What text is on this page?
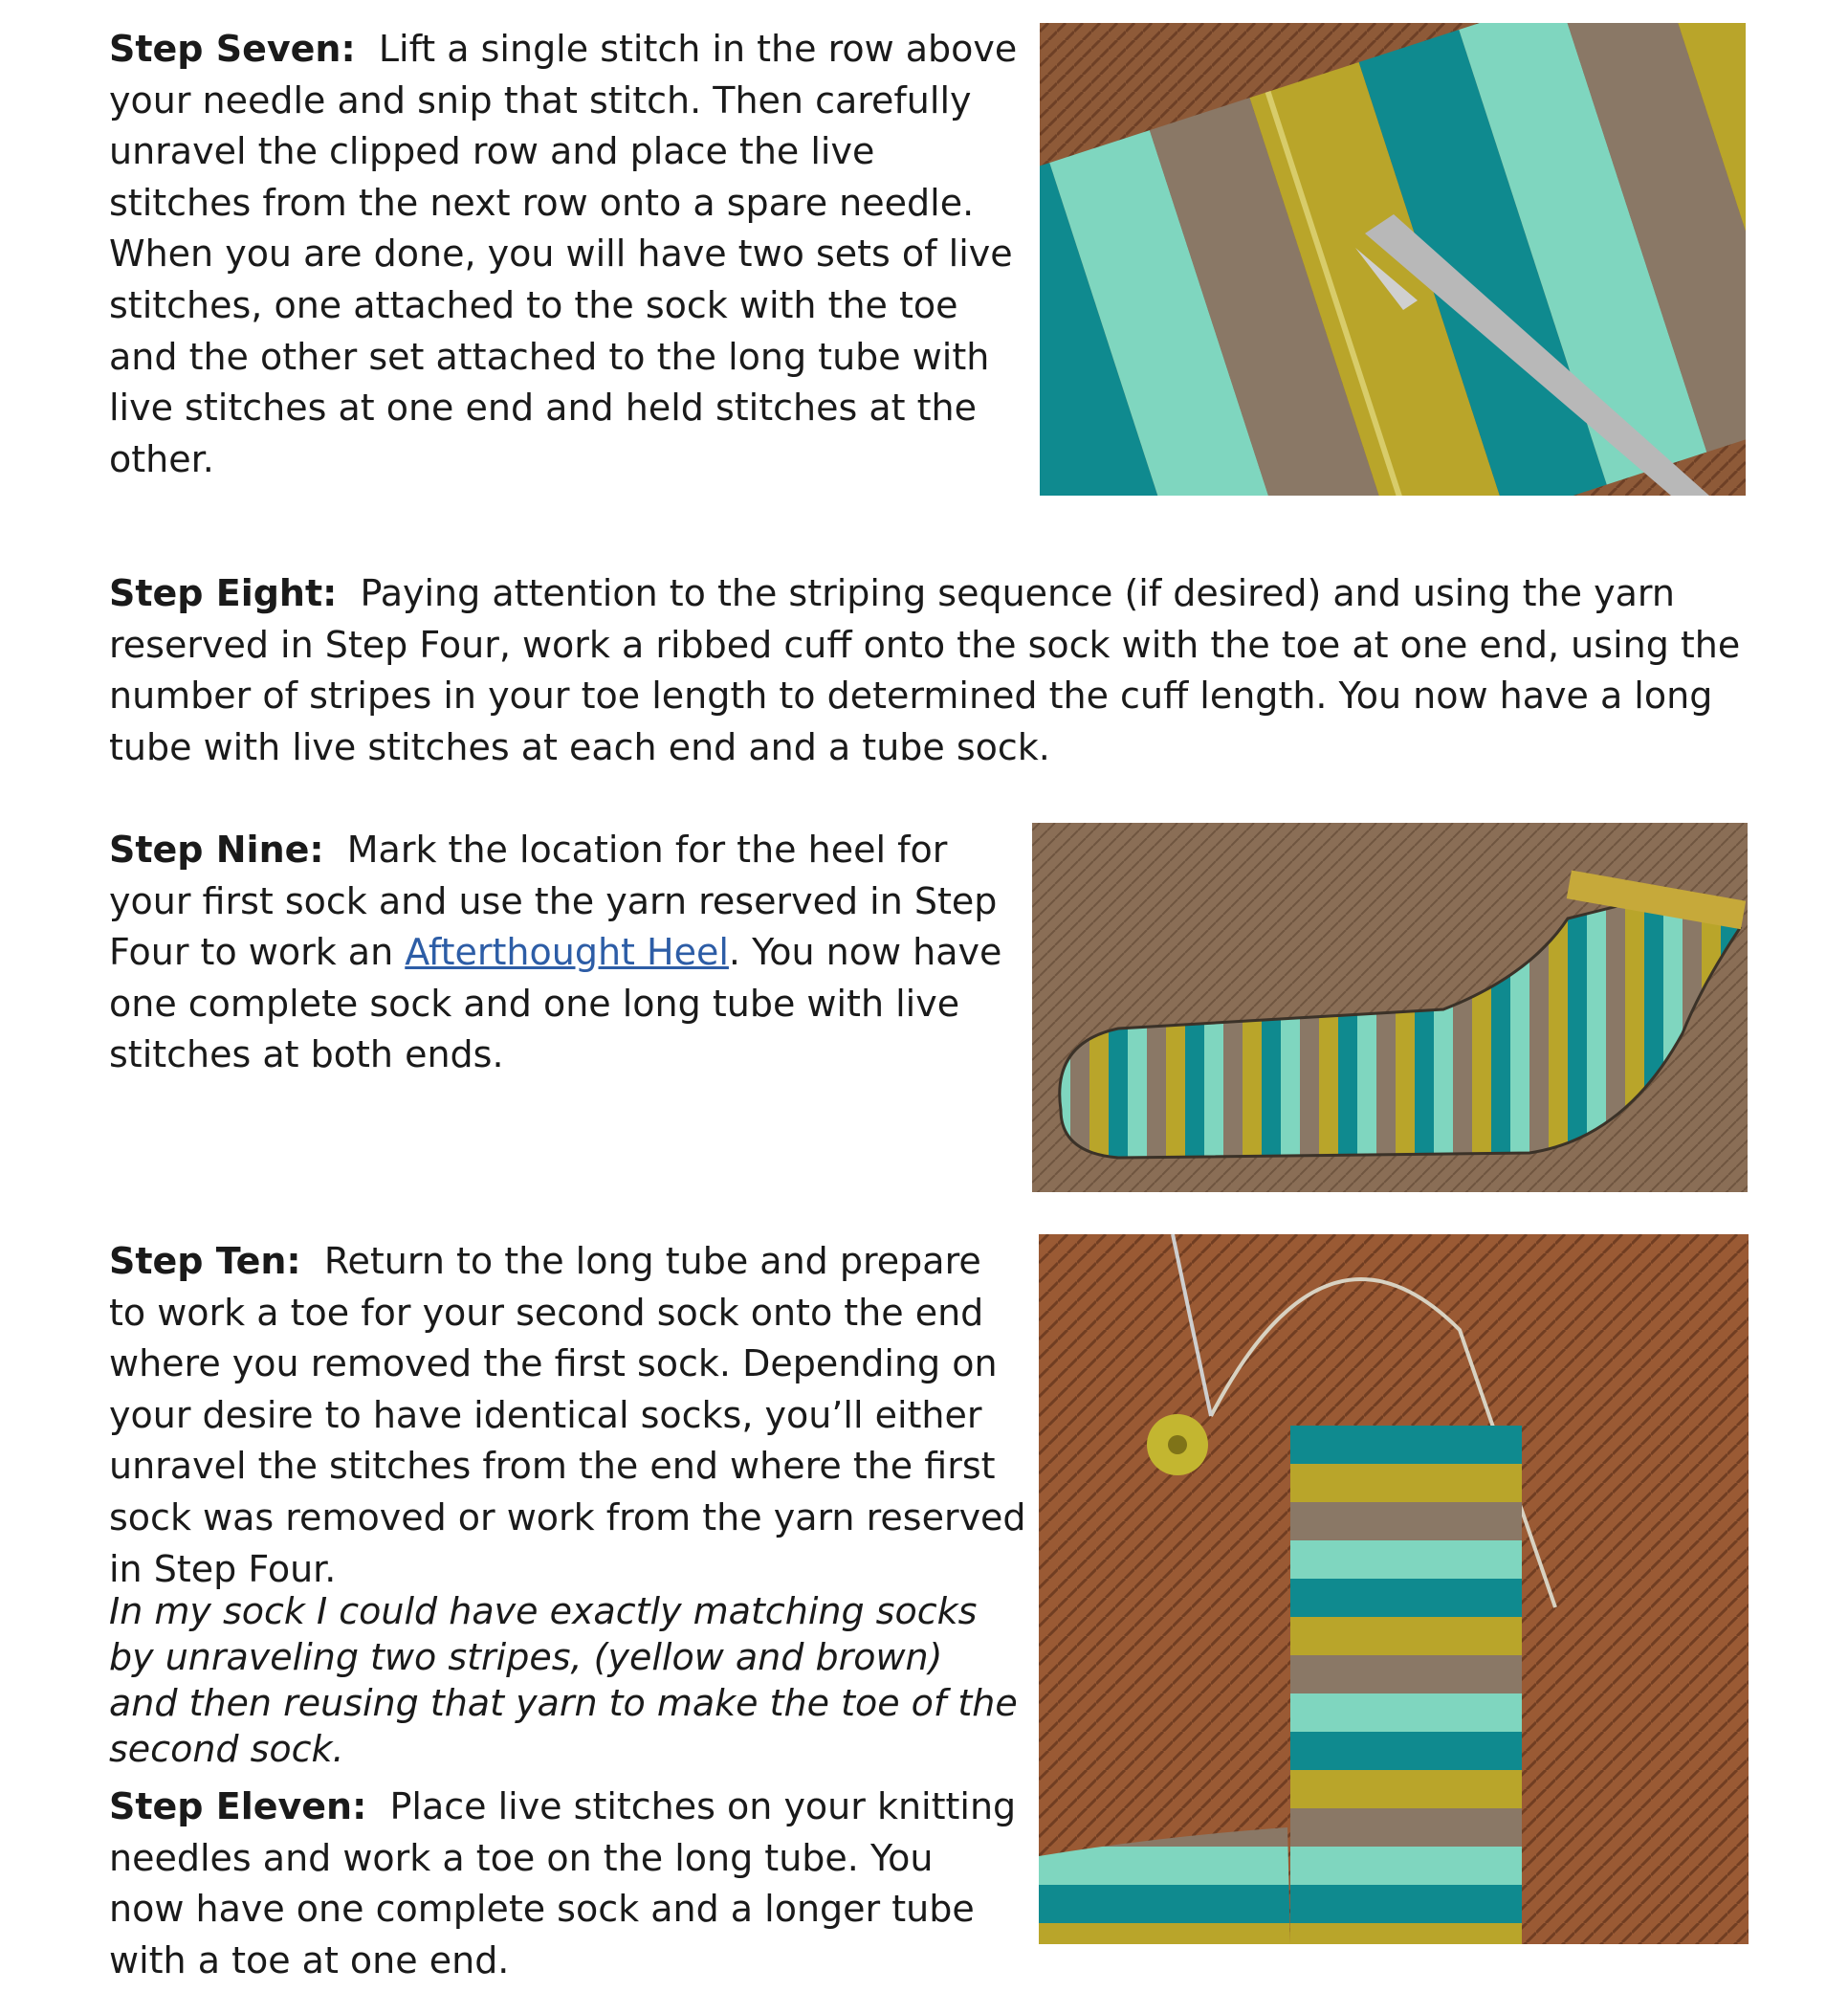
Step Seven: Lift a single stitch in the row above your needle and snip that stitch. Then carefully unravel the clipped row and place the live stitches from the next row onto a spare needle. When you are done, you will have two sets of live stitches, one attached to the sock with the toe and the other set attached to the long tube with live stitches at one end and held stitches at the other.

Step Eight: Paying attention to the striping sequence (if desired) and using the yarn reserved in Step Four, work a ribbed cuff onto the sock with the toe at one end, using the number of stripes in your toe length to determined the cuff length. You now have a long tube with live stitches at each end and a tube sock.

Step Nine: Mark the location for the heel for your first sock and use the yarn reserved in Step Four to work an Afterthought Heel. You now have one complete sock and one long tube with live stitches at both ends.

Step Ten: Return to the long tube and prepare to work a toe for your second sock onto the end where you removed the first sock. Depending on your desire to have identical socks, you’ll either unravel the stitches from the end where the first sock was removed or work from the yarn reserved in Step Four.

In my sock I could have exactly matching socks by unraveling two stripes, (yellow and brown) and then reusing that yarn to make the toe of the second sock.

Step Eleven: Place live stitches on your knitting needles and work a toe on the long tube. You now have one complete sock and a longer tube with a toe at one end.
